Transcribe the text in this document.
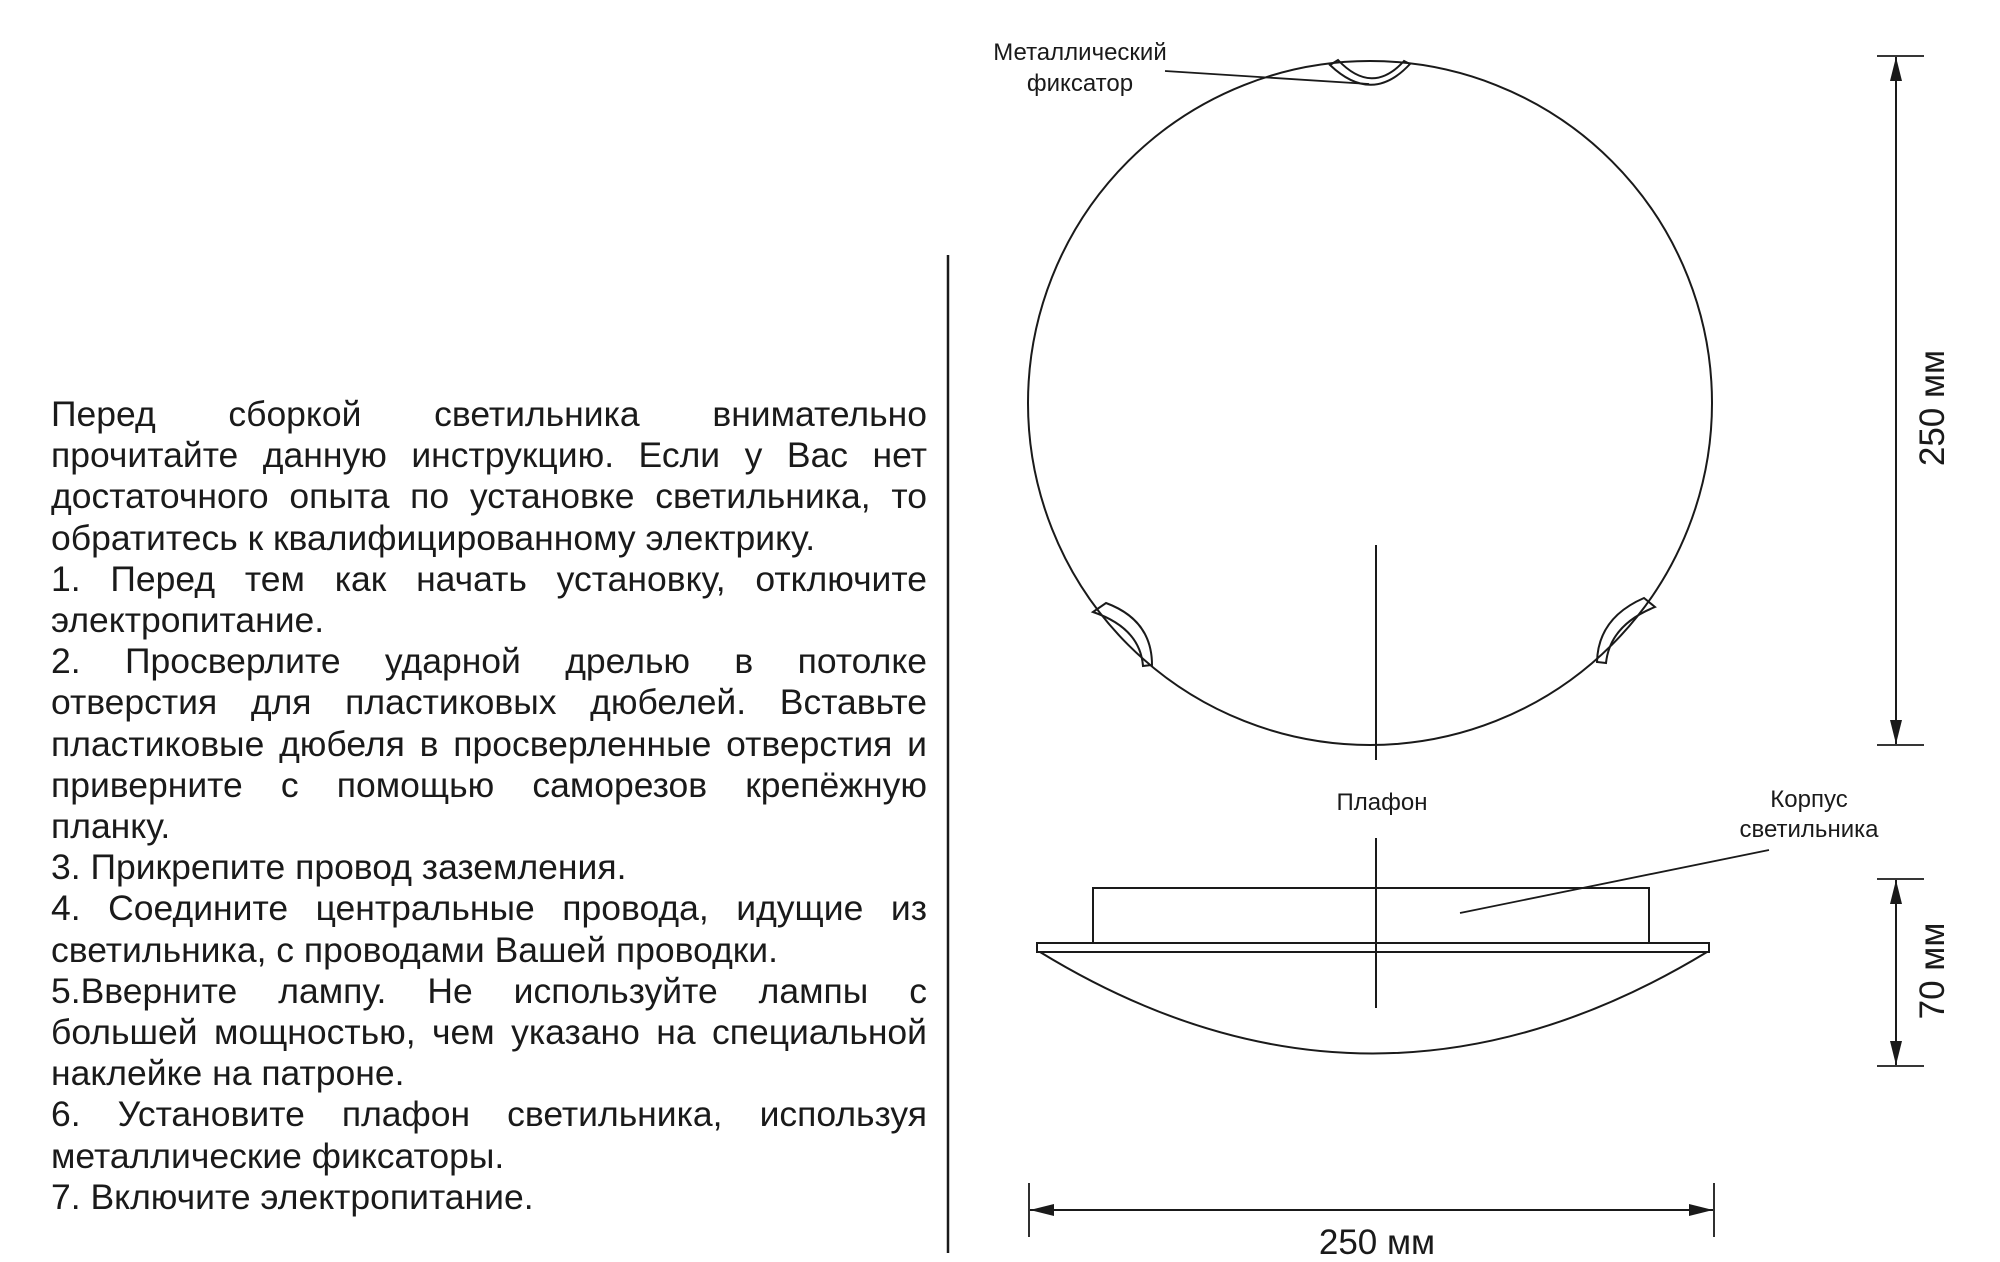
Перед сборкой светильника внимательно прочитайте данную инструкцию. Если у Вас нет достаточного опыта по установке светильника, то обратитесь к квалифицированному электрику.

1. Перед тем как начать установку, отключите электропитание.

2. Просверлите ударной дрелью в потолке отверстия для пластиковых дюбелей. Вставьте пластиковые дюбеля в просверленные отверстия и приверните с помощью саморезов крепёжную планку.

3. Прикрепите провод заземления.

4. Соедините центральные провода, идущие из светильника, с проводами Вашей проводки.

5.Вверните лампу. Не используйте лампы с большей мощностью, чем указано на специальной наклейке на патроне.

6. Установите плафон светильника, используя металлические фиксаторы.

7. Включите электропитание.

Металлический
фиксатор
Плафон	Корпус
светильника
250 мм
70 мм
250 мм
